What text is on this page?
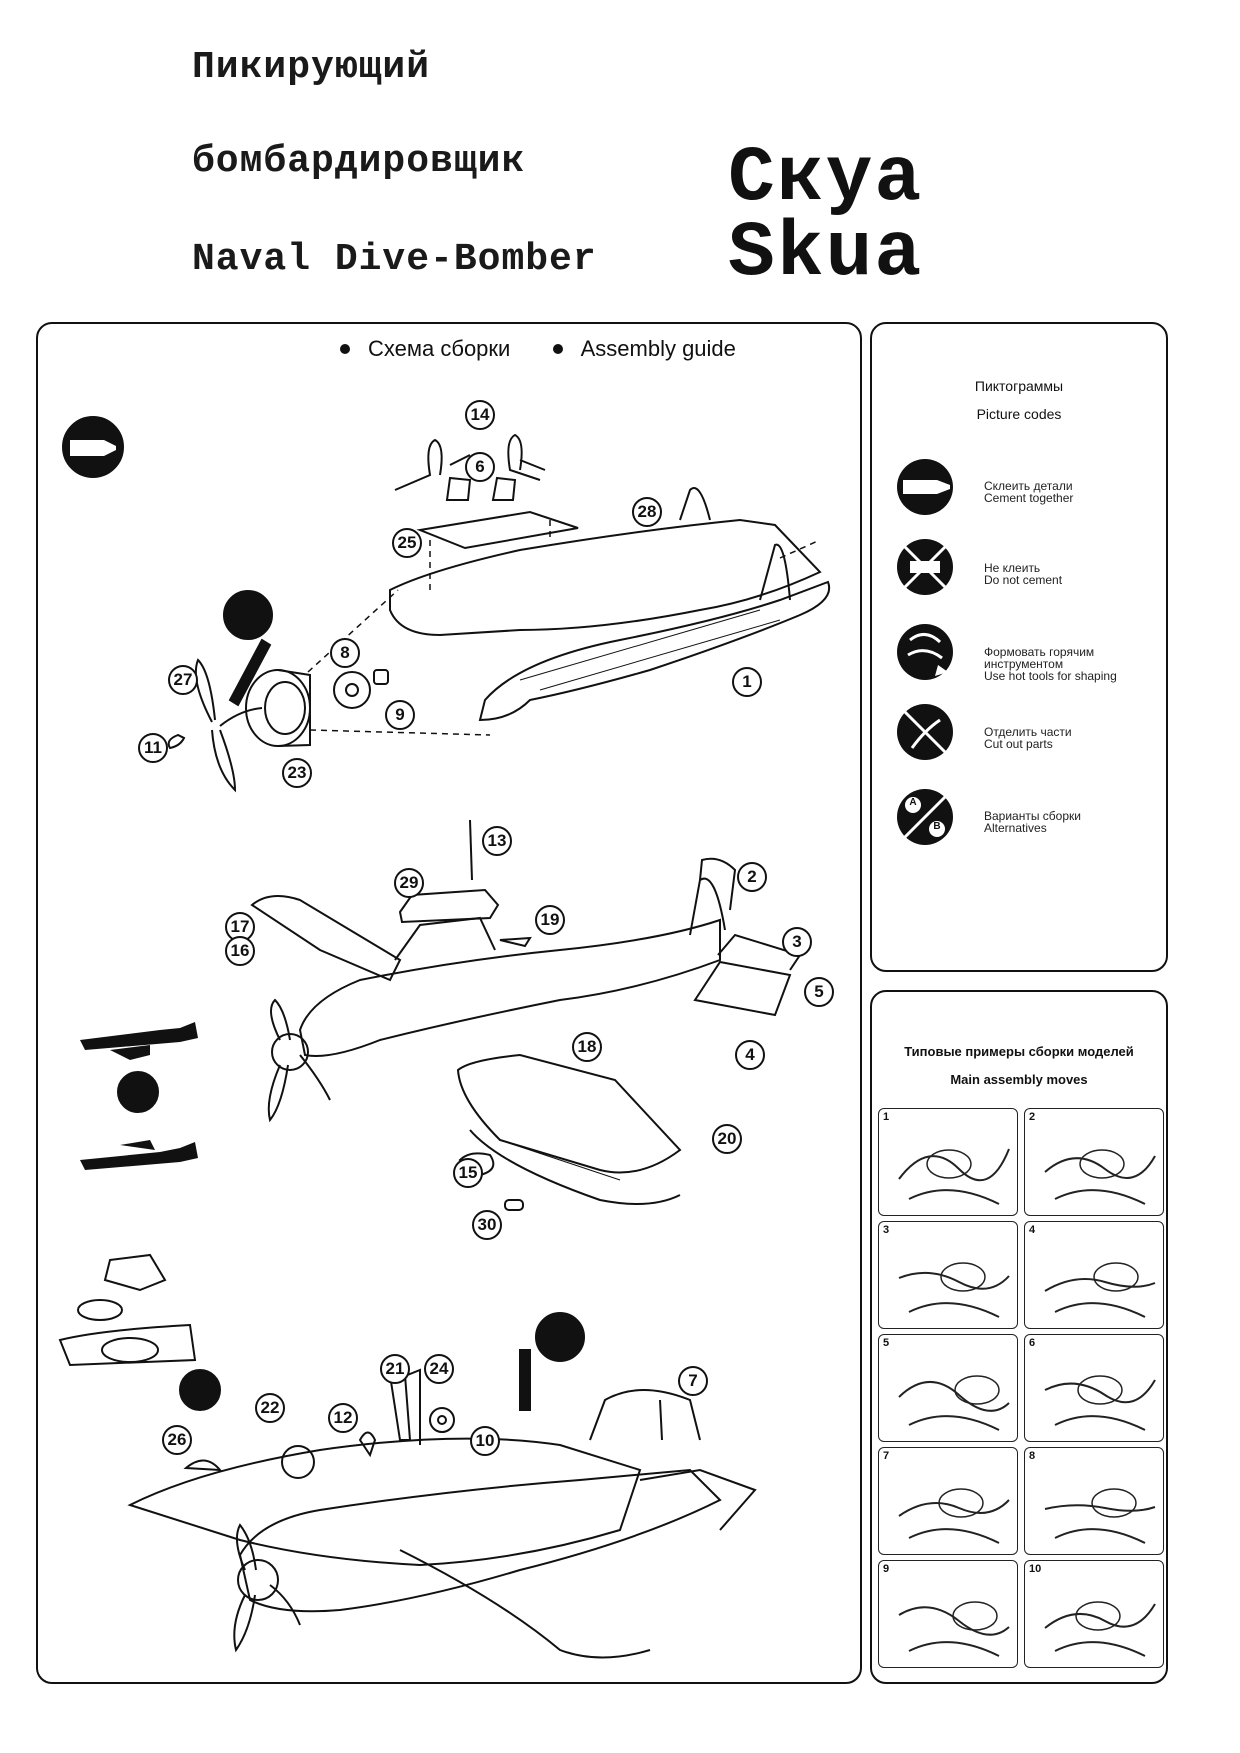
Пикирующий
бомбардировщик
Naval Dive-Bomber
Скуа
Skua
Схема сборки	Assembly guide
A
B
Пиктограммы
Picture codes
Склеить детали
Cement together
Не клеить
Do not cement
Формовать горячим инструментом
Use hot tools for shaping
Отделить части
Cut out parts
Варианты сборки
Alternatives
Типовые примеры сборки моделей
Main assembly moves
1	2
3	4
5	6
7	8
9	10
14
6
28
25
8
27
9
1
11
23
13
2
29
19
17
16	3
5
18	4
20
15
30
7
21	24
22
12
26	10
